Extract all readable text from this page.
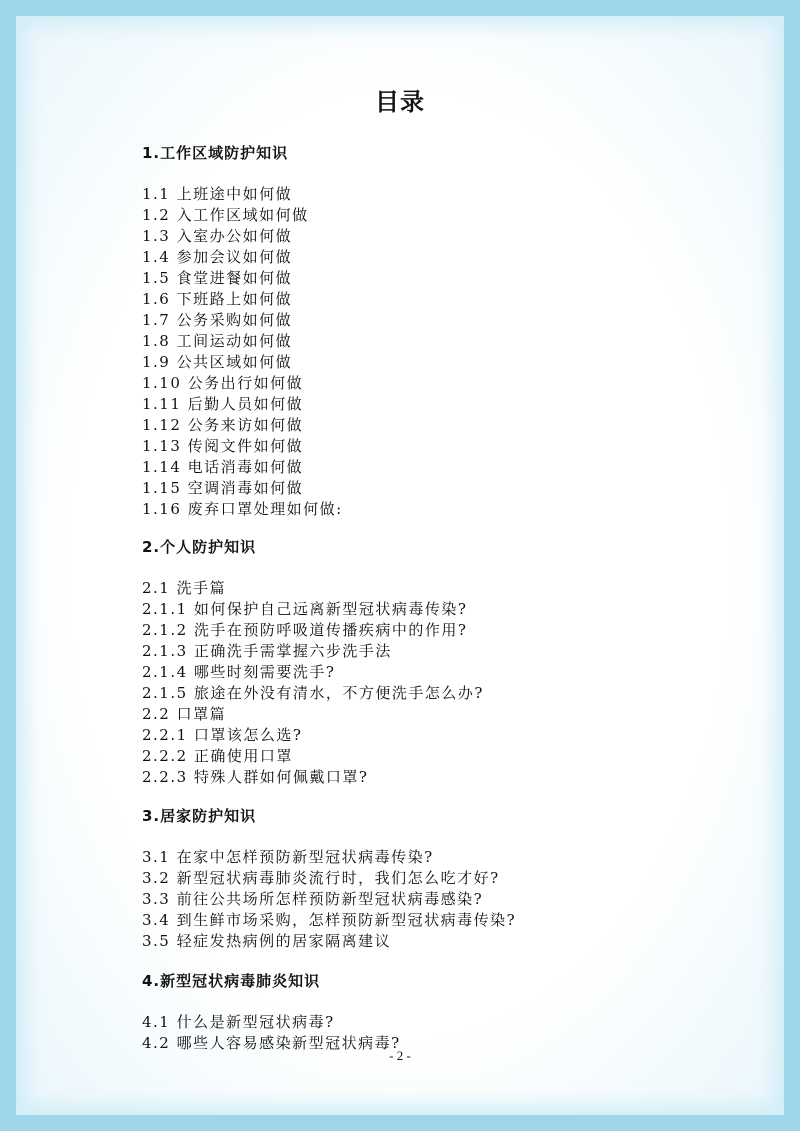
目录
1.工作区域防护知识
1.1 上班途中如何做
1.2 入工作区域如何做
1.3 入室办公如何做
1.4 参加会议如何做
1.5 食堂进餐如何做
1.6 下班路上如何做
1.7 公务采购如何做
1.8 工间运动如何做
1.9 公共区域如何做
1.10 公务出行如何做
1.11 后勤人员如何做
1.12 公务来访如何做
1.13 传阅文件如何做
1.14 电话消毒如何做
1.15 空调消毒如何做
1.16 废弃口罩处理如何做:
2.个人防护知识
2.1 洗手篇
2.1.1 如何保护自己远离新型冠状病毒传染?
2.1.2 洗手在预防呼吸道传播疾病中的作用?
2.1.3 正确洗手需掌握六步洗手法
2.1.4 哪些时刻需要洗手?
2.1.5 旅途在外没有清水，不方便洗手怎么办?
2.2 口罩篇
2.2.1 口罩该怎么选?
2.2.2 正确使用口罩
2.2.3 特殊人群如何佩戴口罩?
3.居家防护知识
3.1 在家中怎样预防新型冠状病毒传染?
3.2 新型冠状病毒肺炎流行时，我们怎么吃才好?
3.3 前往公共场所怎样预防新型冠状病毒感染?
3.4 到生鲜市场采购，怎样预防新型冠状病毒传染?
3.5 轻症发热病例的居家隔离建议
4.新型冠状病毒肺炎知识
4.1 什么是新型冠状病毒?
4.2 哪些人容易感染新型冠状病毒?
- 2 -
